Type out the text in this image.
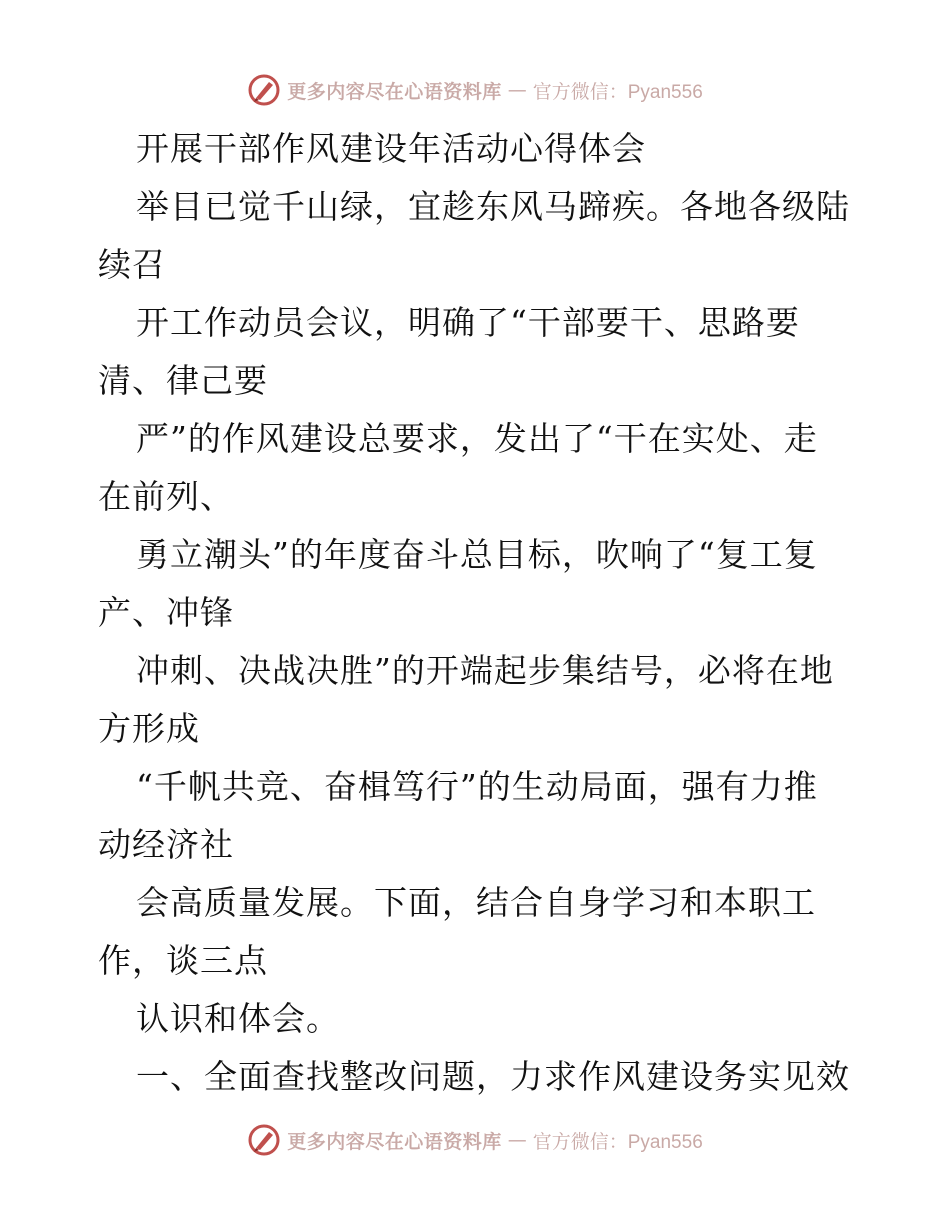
更多内容尽在心语资料库 — 官方微信：Pyan556
开展干部作风建设年活动心得体会
举目已觉千山绿，宜趁东风马蹄疾。各地各级陆
续召
开工作动员会议，明确了“干部要干、思路要
清、律己要
严”的作风建设总要求，发出了“干在实处、走
在前列、
勇立潮头”的年度奋斗总目标，吹响了“复工复
产、冲锋
冲刺、决战决胜”的开端起步集结号，必将在地
方形成
“千帆共竞、奋楫笃行”的生动局面，强有力推
动经济社
会高质量发展。下面，结合自身学习和本职工
作，谈三点
认识和体会。
一、全面查找整改问题，力求作风建设务实见效
更多内容尽在心语资料库 — 官方微信：Pyan556
